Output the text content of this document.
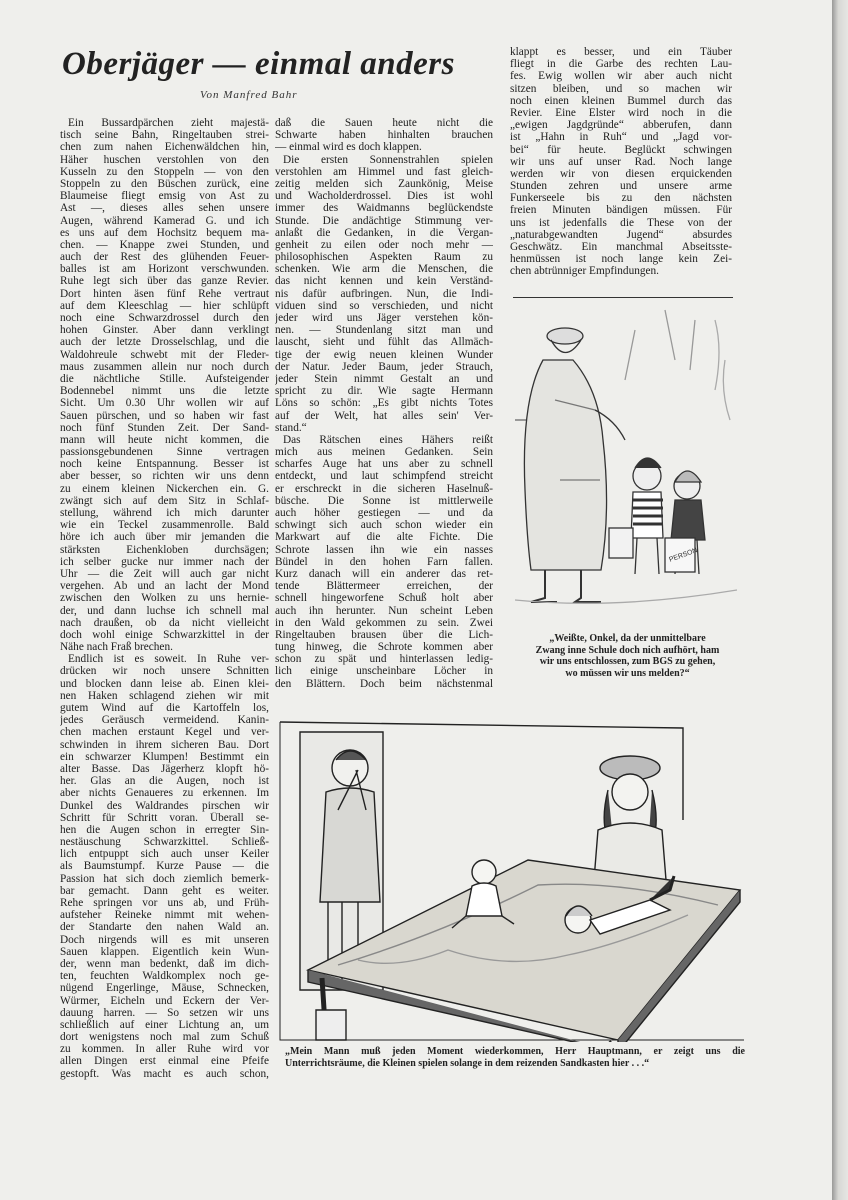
Oberjäger — einmal anders
Von Manfred Bahr
Ein Bussardpärchen zieht majestä-
tisch seine Bahn, Ringeltauben strei-
chen zum nahen Eichenwäldchen hin,
Häher huschen verstohlen von den
Kusseln zu den Stoppeln — von den
Stoppeln zu den Büschen zurück, eine
Blaumeise fliegt emsig von Ast zu
Ast —, dieses alles sehen unsere
Augen, während Kamerad G. und ich
es uns auf dem Hochsitz bequem ma-
chen. — Knappe zwei Stunden, und
auch der Rest des glühenden Feuer-
balles ist am Horizont verschwunden.
Ruhe legt sich über das ganze Revier.
Dort hinten äsen fünf Rehe vertraut
auf dem Kleeschlag — hier schlüpft
noch eine Schwarzdrossel durch den
hohen Ginster. Aber dann verklingt
auch der letzte Drosselschlag, und die
Waldohreule schwebt mit der Fleder-
maus zusammen allein nur noch durch
die nächtliche Stille. Aufsteigender
Bodennebel nimmt uns die letzte
Sicht. Um 0.30 Uhr wollen wir auf
Sauen pürschen, und so haben wir fast
noch fünf Stunden Zeit. Der Sand-
mann will heute nicht kommen, die
passionsgebundenen Sinne vertragen
noch keine Entspannung. Besser ist
aber besser, so richten wir uns denn
zu einem kleinen Nickerchen ein. G.
zwängt sich auf dem Sitz in Schlaf-
stellung, während ich mich darunter
wie ein Teckel zusammenrolle. Bald
höre ich auch über mir jemanden die
stärksten Eichenkloben durchsägen;
ich selber gucke nur immer nach der
Uhr — die Zeit will auch gar nicht
vergehen. Ab und an lacht der Mond
zwischen den Wolken zu uns hernie-
der, und dann luchse ich schnell mal
nach draußen, ob da nicht vielleicht
doch wohl einige Schwarzkittel in der
Nähe nach Fraß brechen.
Endlich ist es soweit. In Ruhe ver-
drücken wir noch unsere Schnitten
und blocken dann leise ab. Einen klei-
nen Haken schlagend ziehen wir mit
gutem Wind auf die Kartoffeln los,
jedes Geräusch vermeidend. Kanin-
chen machen erstaunt Kegel und ver-
schwinden in ihrem sicheren Bau. Dort
ein schwarzer Klumpen! Bestimmt ein
alter Basse. Das Jägerherz klopft hö-
her. Glas an die Augen, noch ist
aber nichts Genaueres zu erkennen. Im
Dunkel des Waldrandes pirschen wir
Schritt für Schritt voran. Überall se-
hen die Augen schon in erregter Sin-
nestäuschung Schwarzkittel. Schließ-
lich entpuppt sich auch unser Keiler
als Baumstumpf. Kurze Pause — die
Passion hat sich doch ziemlich bemerk-
bar gemacht. Dann geht es weiter.
Rehe springen vor uns ab, und Früh-
aufsteher Reineke nimmt mit wehen-
der Standarte den nahen Wald an.
Doch nirgends will es mit unseren
Sauen klappen. Eigentlich kein Wun-
der, wenn man bedenkt, daß im dich-
ten, feuchten Waldkomplex noch ge-
nügend Engerlinge, Mäuse, Schnecken,
Würmer, Eicheln und Eckern der Ver-
dauung harren. — So setzen wir uns
schließlich auf einer Lichtung an, um
dort wenigstens noch mal zum Schuß
zu kommen. In aller Ruhe wird vor
allen Dingen erst einmal eine Pfeife
gestopft. Was macht es auch schon,
daß die Sauen heute nicht die
Schwarte haben hinhalten brauchen
— einmal wird es doch klappen.
Die ersten Sonnenstrahlen spielen
verstohlen am Himmel und fast gleich-
zeitig melden sich Zaunkönig, Meise
und Wacholderdrossel. Dies ist wohl
immer des Waidmanns beglückendste
Stunde. Die andächtige Stimmung ver-
anlaßt die Gedanken, in die Vergan-
genheit zu eilen oder noch mehr —
philosophischen Aspekten Raum zu
schenken. Wie arm die Menschen, die
das nicht kennen und kein Verständ-
nis dafür aufbringen. Nun, die Indi-
viduen sind so verschieden, und nicht
jeder wird uns Jäger verstehen kön-
nen. — Stundenlang sitzt man und
lauscht, sieht und fühlt das Allmäch-
tige der ewig neuen kleinen Wunder
der Natur. Jeder Baum, jeder Strauch,
jeder Stein nimmt Gestalt an und
spricht zu dir. Wie sagte Hermann
Löns so schön: „Es gibt nichts Totes
auf der Welt, hat alles sein' Ver-
stand.“
Das Rätschen eines Hähers reißt
mich aus meinen Gedanken. Sein
scharfes Auge hat uns aber zu schnell
entdeckt, und laut schimpfend streicht
er erschreckt in die sicheren Haselnuß-
büsche. Die Sonne ist mittlerweile
auch höher gestiegen — und da
schwingt sich auch schon wieder ein
Markwart auf die alte Fichte. Die
Schrote lassen ihn wie ein nasses
Bündel in den hohen Farn fallen.
Kurz danach will ein anderer das ret-
tende Blättermeer erreichen, der
schnell hingeworfene Schuß holt aber
auch ihn herunter. Nun scheint Leben
in den Wald gekommen zu sein. Zwei
Ringeltauben brausen über die Lich-
tung hinweg, die Schrote kommen aber
schon zu spät und hinterlassen ledig-
lich einige unscheinbare Löcher in
den Blättern. Doch beim nächstenmal
klappt es besser, und ein Täuber
fliegt in die Garbe des rechten Lau-
fes. Ewig wollen wir aber auch nicht
sitzen bleiben, und so machen wir
noch einen kleinen Bummel durch das
Revier. Eine Elster wird noch in die
„ewigen Jagdgründe“ abberufen, dann
ist „Hahn in Ruh“ und „Jagd vor-
bei“ für heute. Beglückt schwingen
wir uns auf unser Rad. Noch lange
werden wir von diesen erquickenden
Stunden zehren und unsere arme
Funkerseele bis zu den nächsten
freien Minuten bändigen müssen. Für
uns ist jedenfalls die These von der
„naturabgewandten Jugend“ absurdes
Geschwätz. Ein manchmal Abseitsste-
henmüssen ist noch lange kein Zei-
chen abtrünniger Empfindungen.
PERSON
„Weißte, Onkel, da der unmittelbare
Zwang inne Schule doch nich aufhört, ham
wir uns entschlossen, zum BGS zu gehen,
wo müssen wir uns melden?“
„Mein Mann muß jeden Moment wiederkommen, Herr Hauptmann, er zeigt uns die
Unterrichtsräume, die Kleinen spielen solange in dem reizenden Sandkasten hier . . .“
